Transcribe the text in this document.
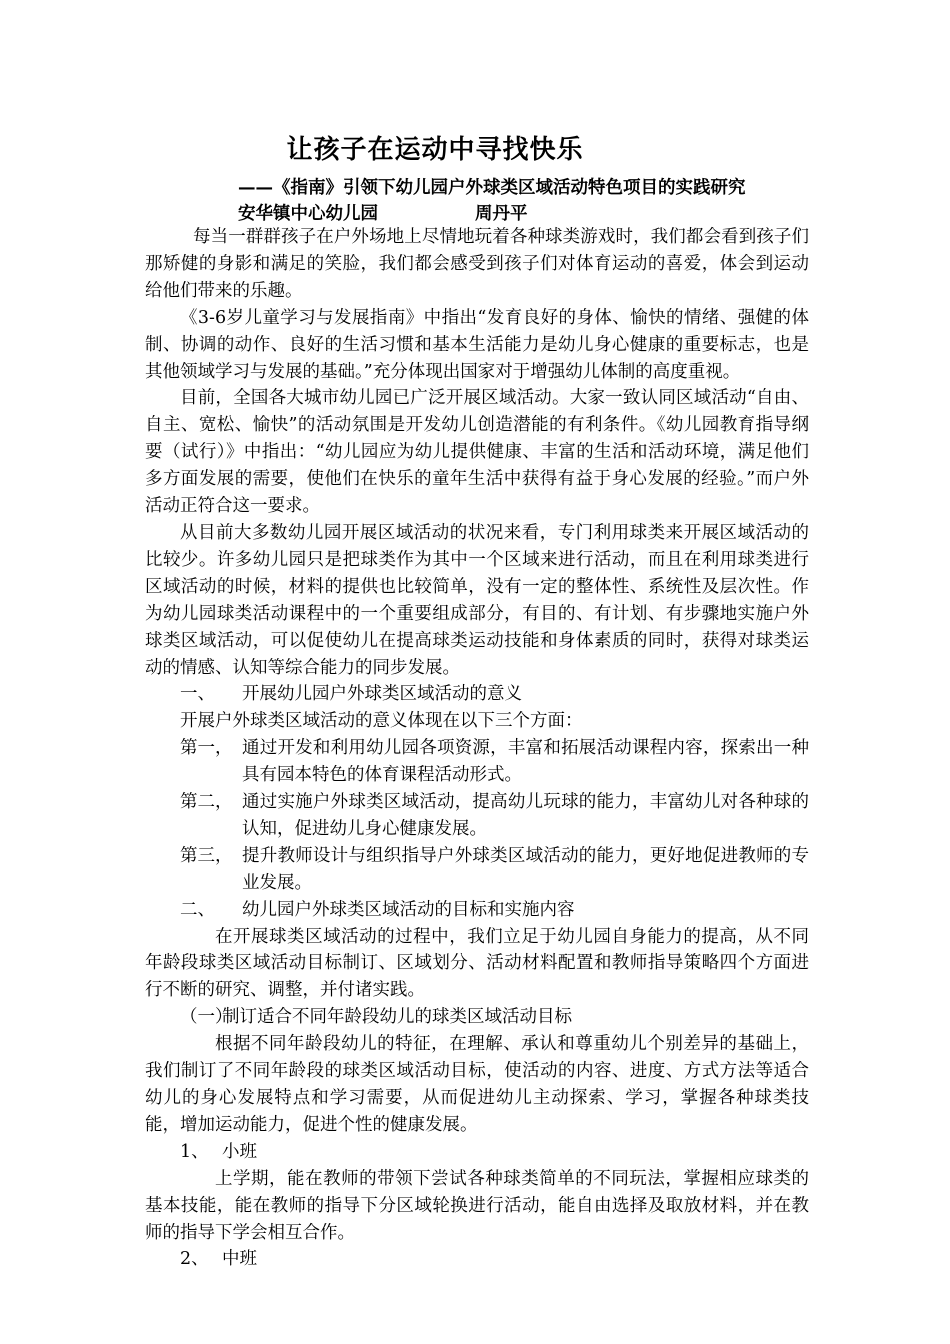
让孩子在运动中寻找快乐
——《指南》引领下幼儿园户外球类区域活动特色项目的实践研究
安华镇中心幼儿园	周丹平

每当一群群孩子在户外场地上尽情地玩着各种球类游戏时，我们都会看到孩子们那矫健的身影和满足的笑脸，我们都会感受到孩子们对体育运动的喜爱，体会到运动给他们带来的乐趣。

《3-6岁儿童学习与发展指南》中指出“发育良好的身体、愉快的情绪、强健的体制、协调的动作、良好的生活习惯和基本生活能力是幼儿身心健康的重要标志，也是其他领域学习与发展的基础。”充分体现出国家对于增强幼儿体制的高度重视。

目前，全国各大城市幼儿园已广泛开展区域活动。大家一致认同区域活动“自由、自主、宽松、愉快”的活动氛围是开发幼儿创造潜能的有利条件。《幼儿园教育指导纲要（试行）》中指出：“幼儿园应为幼儿提供健康、丰富的生活和活动环境，满足他们多方面发展的需要，使他们在快乐的童年生活中获得有益于身心发展的经验。”而户外活动正符合这一要求。

从目前大多数幼儿园开展区域活动的状况来看，专门利用球类来开展区域活动的比较少。许多幼儿园只是把球类作为其中一个区域来进行活动，而且在利用球类进行区域活动的时候，材料的提供也比较简单，没有一定的整体性、系统性及层次性。作为幼儿园球类活动课程中的一个重要组成部分，有目的、有计划、有步骤地实施户外球类区域活动，可以促使幼儿在提高球类运动技能和身体素质的同时，获得对球类运动的情感、认知等综合能力的同步发展。

一、 开展幼儿园户外球类区域活动的意义

开展户外球类区域活动的意义体现在以下三个方面：

第一， 通过开发和利用幼儿园各项资源，丰富和拓展活动课程内容，探索出一种具有园本特色的体育课程活动形式。
第二， 通过实施户外球类区域活动，提高幼儿玩球的能力，丰富幼儿对各种球的认知，促进幼儿身心健康发展。
第三， 提升教师设计与组织指导户外球类区域活动的能力，更好地促进教师的专业发展。

二、 幼儿园户外球类区域活动的目标和实施内容

在开展球类区域活动的过程中，我们立足于幼儿园自身能力的提高，从不同年龄段球类区域活动目标制订、区域划分、活动材料配置和教师指导策略四个方面进行不断的研究、调整，并付诸实践。

（一）制订适合不同年龄段幼儿的球类区域活动目标

根据不同年龄段幼儿的特征，在理解、承认和尊重幼儿个别差异的基础上，我们制订了不同年龄段的球类区域活动目标，使活动的内容、进度、方式方法等适合幼儿的身心发展特点和学习需要，从而促进幼儿主动探索、学习，掌握各种球类技能，增加运动能力，促进个性的健康发展。

1、 小班

上学期，能在教师的带领下尝试各种球类简单的不同玩法，掌握相应球类的基本技能，能在教师的指导下分区域轮换进行活动，能自由选择及取放材料，并在教师的指导下学会相互合作。

2、 中班
